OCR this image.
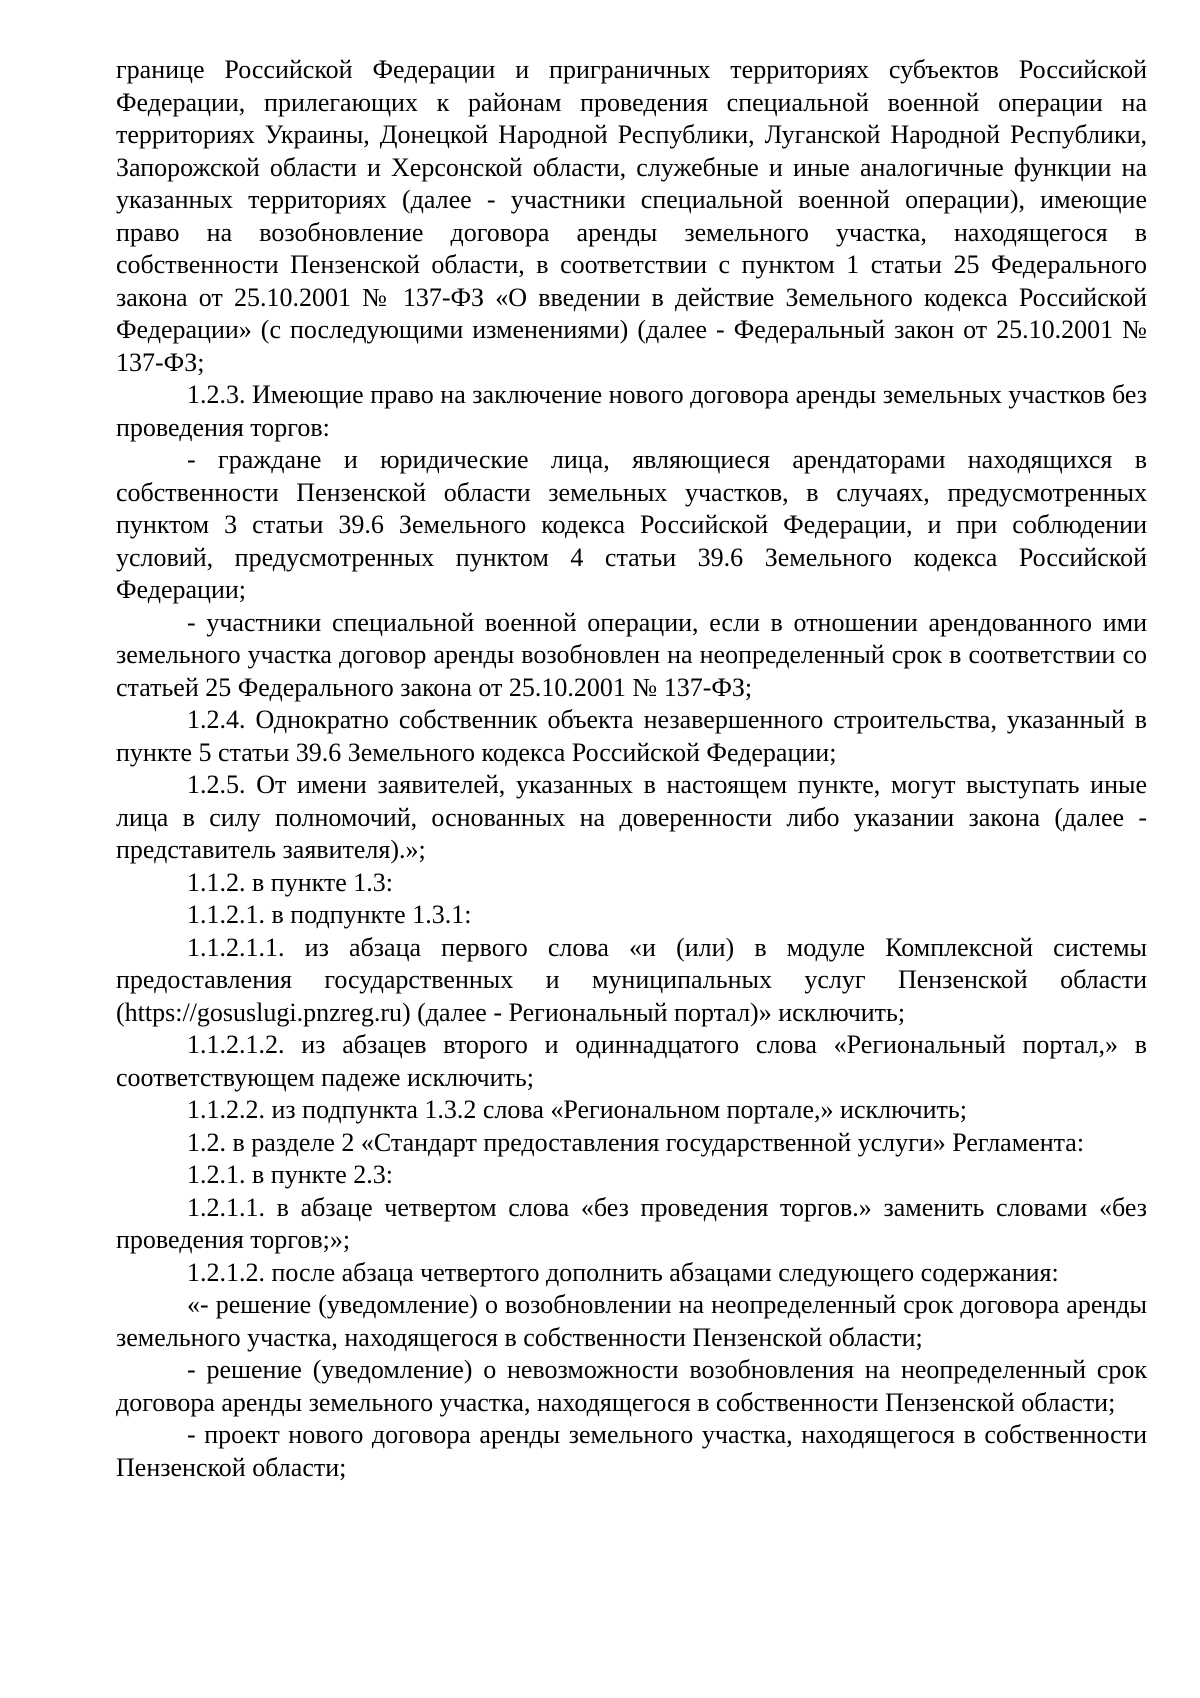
границе Российской Федерации и приграничных территориях субъектов Российской Федерации, прилегающих к районам проведения специальной военной операции на территориях Украины, Донецкой Народной Республики, Луганской Народной Республики, Запорожской области и Херсонской области, служебные и иные аналогичные функции на указанных территориях (далее - участники специальной военной операции), имеющие право на возобновление договора аренды земельного участка, находящегося в собственности Пензенской области, в соответствии с пунктом 1 статьи 25 Федерального закона от 25.10.2001 № 137-ФЗ «О введении в действие Земельного кодекса Российской Федерации» (с последующими изменениями) (далее - Федеральный закон от 25.10.2001 № 137-ФЗ;

1.2.3. Имеющие право на заключение нового договора аренды земельных участков без проведения торгов:

- граждане и юридические лица, являющиеся арендаторами находящихся в собственности Пензенской области земельных участков, в случаях, предусмотренных пунктом 3 статьи 39.6 Земельного кодекса Российской Федерации, и при соблюдении условий, предусмотренных пунктом 4 статьи 39.6 Земельного кодекса Российской Федерации;

- участники специальной военной операции, если в отношении арендованного ими земельного участка договор аренды возобновлен на неопределенный срок в соответствии со статьей 25 Федерального закона от 25.10.2001 № 137-ФЗ;

1.2.4. Однократно собственник объекта незавершенного строительства, указанный в пункте 5 статьи 39.6 Земельного кодекса Российской Федерации;

1.2.5. От имени заявителей, указанных в настоящем пункте, могут выступать иные лица в силу полномочий, основанных на доверенности либо указании закона (далее - представитель заявителя).»;

1.1.2. в пункте 1.3:

1.1.2.1. в подпункте 1.3.1:

1.1.2.1.1. из абзаца первого слова «и (или) в модуле Комплексной системы предоставления государственных и муниципальных услуг Пензенской области (https://gosuslugi.pnzreg.ru) (далее - Региональный портал)» исключить;

1.1.2.1.2. из абзацев второго и одиннадцатого слова «Региональный портал,» в соответствующем падеже исключить;

1.1.2.2. из подпункта 1.3.2 слова «Региональном портале,» исключить;

1.2. в разделе 2 «Стандарт предоставления государственной услуги» Регламента:

1.2.1. в пункте 2.3:

1.2.1.1. в абзаце четвертом слова «без проведения торгов.» заменить словами «без проведения торгов;»;

1.2.1.2. после абзаца четвертого дополнить абзацами следующего содержания:

«- решение (уведомление) о возобновлении на неопределенный срок договора аренды земельного участка, находящегося в собственности Пензенской области;

- решение (уведомление) о невозможности возобновления на неопределенный срок договора аренды земельного участка, находящегося в собственности Пензенской области;

- проект нового договора аренды земельного участка, находящегося в собственности Пензенской области;
